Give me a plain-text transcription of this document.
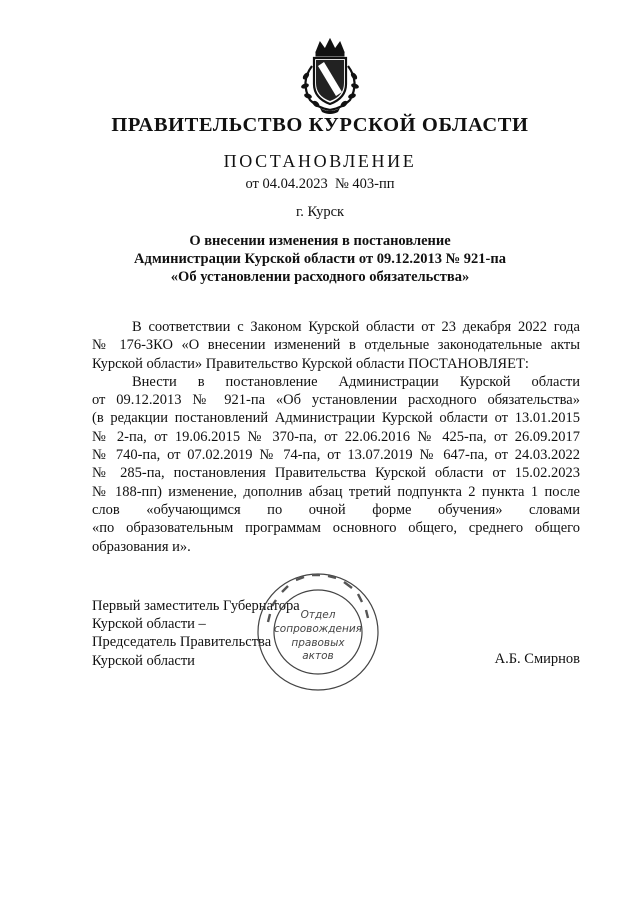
ПРАВИТЕЛЬСТВО КУРСКОЙ ОБЛАСТИ
ПОСТАНОВЛЕНИЕ
от 04.04.2023  № 403-пп
г. Курск
О внесении изменения в постановление
Администрации Курской области от 09.12.2013 № 921-па
«Об установлении расходного обязательства»
В соответствии с Законом Курской области от 23 декабря 2022 года
№ 176-ЗКО «О внесении изменений в отдельные законодательные акты
Курской области» Правительство Курской области ПОСТАНОВЛЯЕТ:
Внести в постановление Администрации Курской области
от 09.12.2013 № 921-па «Об установлении расходного обязательства»
(в редакции постановлений Администрации Курской области от 13.01.2015
№ 2-па, от 19.06.2015 № 370-па, от 22.06.2016 № 425-па, от 26.09.2017
№ 740-па, от 07.02.2019 № 74-па, от 13.07.2019 № 647-па, от 24.03.2022
№ 285-па, постановления Правительства Курской области от 15.02.2023
№ 188-пп) изменение, дополнив абзац третий подпункта 2 пункта 1 после
слов «обучающимся по очной форме обучения» словами
«по образовательным программам основного общего, среднего общего
образования и».
Первый заместитель Губернатора
Курской области –
Председатель Правительства
Курской области	А.Б. Смирнов
Отдел
сопровождения
правовых
актов
